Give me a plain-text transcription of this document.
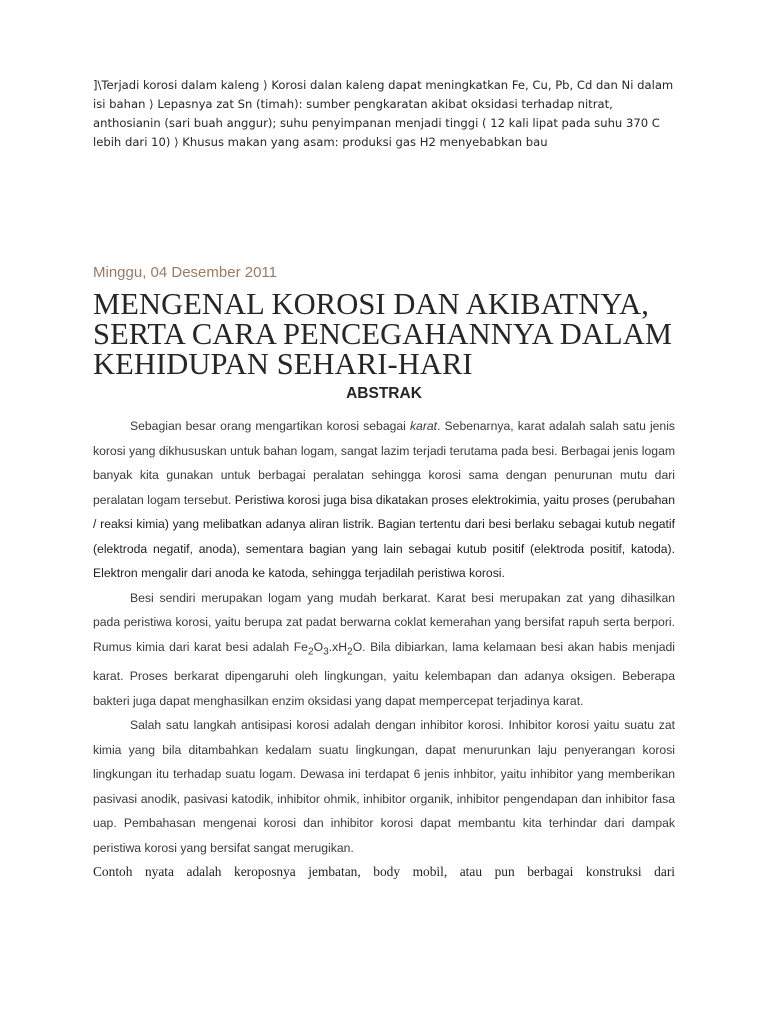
]\Terjadi korosi dalam kaleng ⟩ Korosi dalan kaleng dapat meningkatkan Fe, Cu, Pb, Cd dan Ni dalam isi bahan ⟩ Lepasnya zat Sn (timah): sumber pengkaratan akibat oksidasi terhadap nitrat, anthosianin (sari buah anggur); suhu penyimpanan menjadi tinggi ( 12 kali lipat pada suhu 370 C lebih dari 10) ⟩ Khusus makan yang asam: produksi gas H2 menyebabkan bau

Minggu, 04 Desember 2011

MENGENAL KOROSI DAN AKIBATNYA, SERTA CARA PENCEGAHANNYA DALAM KEHIDUPAN SEHARI-HARI
ABSTRAK

Sebagian besar orang mengartikan korosi sebagai karat. Sebenarnya, karat adalah salah satu jenis korosi yang dikhususkan untuk bahan logam, sangat lazim terjadi terutama pada besi. Berbagai jenis logam banyak kita gunakan untuk berbagai peralatan sehingga korosi sama dengan penurunan mutu dari peralatan logam tersebut. Peristiwa korosi juga bisa dikatakan proses elektrokimia, yaitu proses (perubahan / reaksi kimia) yang melibatkan adanya aliran listrik. Bagian tertentu dari besi berlaku sebagai kutub negatif (elektroda negatif, anoda), sementara bagian yang lain sebagai kutub positif (elektroda positif, katoda). Elektron mengalir dari anoda ke katoda, sehingga terjadilah peristiwa korosi.

Besi sendiri merupakan logam yang mudah berkarat. Karat besi merupakan zat yang dihasilkan pada peristiwa korosi, yaitu berupa zat padat berwarna coklat kemerahan yang bersifat rapuh serta berpori. Rumus kimia dari karat besi adalah $Fe_2O_3.xH_2O$. Bila dibiarkan, lama kelamaan besi akan habis menjadi karat. Proses berkarat dipengaruhi oleh lingkungan, yaitu kelembapan dan adanya oksigen. Beberapa bakteri juga dapat menghasilkan enzim oksidasi yang dapat mempercepat terjadinya karat.

Salah satu langkah antisipasi korosi adalah dengan inhibitor korosi. Inhibitor korosi yaitu suatu zat kimia yang bila ditambahkan kedalam suatu lingkungan, dapat menurunkan laju penyerangan korosi lingkungan itu terhadap suatu logam. Dewasa ini terdapat 6 jenis inhbitor, yaitu inhibitor yang memberikan pasivasi anodik, pasivasi katodik, inhibitor ohmik, inhibitor organik, inhibitor pengendapan dan inhibitor fasa uap. Pembahasan mengenai korosi dan inhibitor korosi dapat membantu kita terhindar dari dampak peristiwa korosi yang bersifat sangat merugikan.

Contoh nyata adalah keroposnya jembatan, body mobil, atau pun berbagai konstruksi dari
